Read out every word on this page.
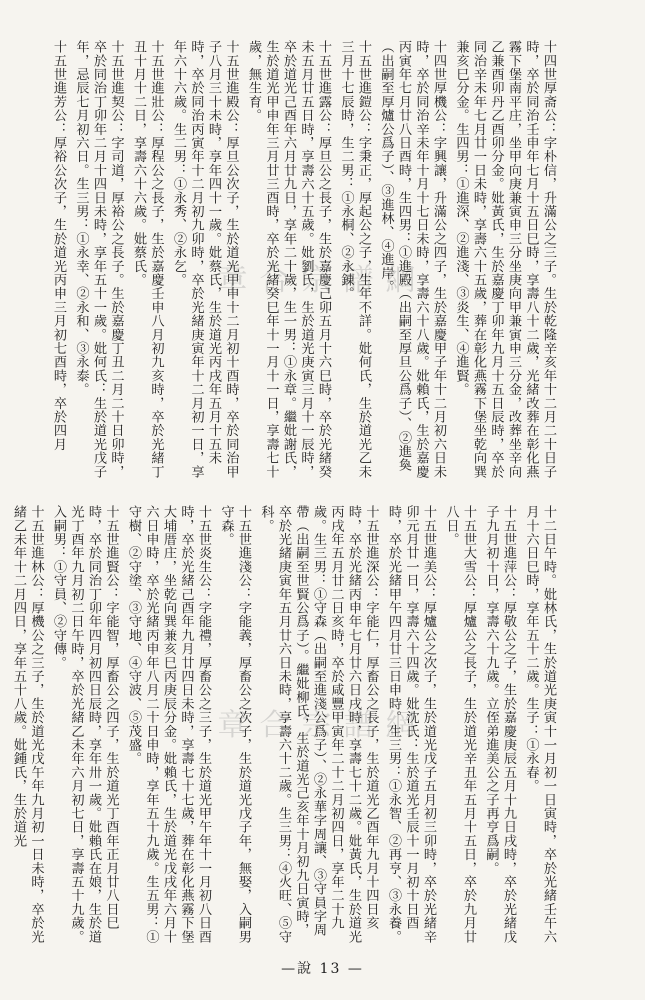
章合宗譜網
章合宗譜網
十四世厚斋公：字朴信，升滿公之三子。生於乾隆辛亥年十二月二十日子時，卒於同治壬申年七月十五日巳時，享壽八十二歲，光緒改葬在彰化燕霧下堡南平庄，坐甲向庚兼寅申三分坐庚向甲兼寅申三分金，改葬坐辛向乙兼酉卯丹乙酉卯分金。妣黃氏，生於嘉慶丁卯年九月十五日辰時，卒於同治辛未年七月廿一日未時，享壽六十五歲，葬在彰化燕霧下堡坐乾向巽兼亥巳分金。生四男：①進深、②進淺、③炎生、④進賢。
十四世厚機公：字興讓，升滿公之四子，生於嘉慶甲子年十二月初六日未時，卒於同治辛未年十月十七日未時，享壽六十八歲。妣賴氏，生於嘉慶丙寅年七月廿八日酉時，生四男：①進殿（出嗣至厚旦公爲子）、②進奐（出嗣至厚爐公爲子）、③進林、④進岸。
十五世進鎧公：字秉正，厚起公之子，生年不詳。妣何氏，生於道光乙未三月十七辰時，生二男：①永桐、②永錬。
十五世進露公：厚旦公之長子，生於嘉慶己卯五月十六巳時，卒於光緒癸未五月廿五日時，享壽六十五歲。妣劉氏，生於道光庚寅三月十一辰時，卒於道光己酉年六月廿九日，享年二十歲，生一男：①永章。繼妣謝氏，生於道光甲申年三月廿三酉時，卒於光緒癸巳年十一月十一日，享壽七十歲，無生育。
十五世進殿公：厚旦公次子，生於道光甲申十二月初十酉時，卒於同治甲子八月三十未時，享年四十一歲。妣蔡氏，生於道光丙戌年五月十五未時，卒於同治丙寅年十二月初九卯時，卒於光緒庚寅年十二月初一日，享年六十六歲。生二男：①永秀、②永乞。
十五世進壯公：厚程公之長子，生於嘉慶壬申八月初九亥時，卒於光緒丁丑十月十二日，享壽六十六歲。妣蔡氏。
十五世進契公：字司道，厚裕公之長子。生於嘉慶丁丑二月二十日卯時，卒於同治丁卯年二月十四日未時，享年五十一歲。妣何氏：生於道光戊子年，忌辰七月初六日。生三男：①永幸、②永和、③永泰。
十五世進芳公：厚裕公次子，生於道光丙申三月初七酉時，卒於四月
十二日午時。妣林氏，生於道光庚寅十一月初一日寅時，卒於光緒壬午六月十六日巳時，享年五十二歲。生子：①永春。
十五世進萍公：厚敬公之子，生於嘉慶庚辰五月十九日戌時，卒於光緒戊子九月初十日，享壽六十九歲。立侄弟進美公之子再亨爲嗣。
十五世大雪公：厚爐公之長子，生於道光辛丑年五月十五日，卒於九月廿八日。
十五世進美公：厚爐公之次子，生於道光戊子五月初三卯時，卒於光緒辛卯元月廿一日，享壽六十四歲。妣沈氏：生於道光壬辰十一月初十日酉時，卒於光緒甲午四月廿三日申時。生三男：①永智、②再亨、③永養。
十五世進深公：字能仁，厚畜公之長子，生於道光乙酉年九月十四日亥時，卒於光緒丙申年七月廿六日戌時，享壽七十二歲。妣黃氏，生於道光丙戌年五月廿二日亥時，卒於咸豐甲寅年二十二月初四日，享年二十九歲。生三男：①守森（出嗣至進淺公爲子）、②永華字周讓、③守員字周帶（出嗣至世賢公爲子）。繼妣柳氏，生於道光己亥年十月初九日寅時，卒於光緒庚寅年五月廿六日未時，享壽六十二歲。生三男：④火旺、⑤守科。
十五世進淺公：字能義，厚畜公之次子，生於道光戊子年，無娶，入嗣男守森。
十五世炎生公：字能禮，厚畜公之三子，生於道光甲午年十一月初八日酉時，卒於光緒己酉年九月廿四日未時，享壽七十七歲，葬在彰化燕霧下堡大埔厝庄，坐乾向巽兼亥巳丙庚辰分金。妣賴氏，生於道光戊戌年六月十六日申時，卒於光緒丙申年八月二十日申時，享年五十九歲。生五男：①守樹、②守塗、③守地、④守波、⑤茂盛。
十五世進賢公：字能智，厚畜公之四子，生於道光丁酉年正月廿八日巳時，卒於同治丁卯年四月初四日辰時，享年卅一歲。妣賴氏在娘，生於道光丁酉年九月初二日午時，卒於光緒乙未年六月初七日，享壽五十九歲。入嗣男：①守員、②守傳。
十五世進林公：厚機公之三子，生於道光戊午年九月初一日未時，卒於光緒乙未年十二月四日，享年五十八歲。妣鍾氏，生於道光
—說 13 —
